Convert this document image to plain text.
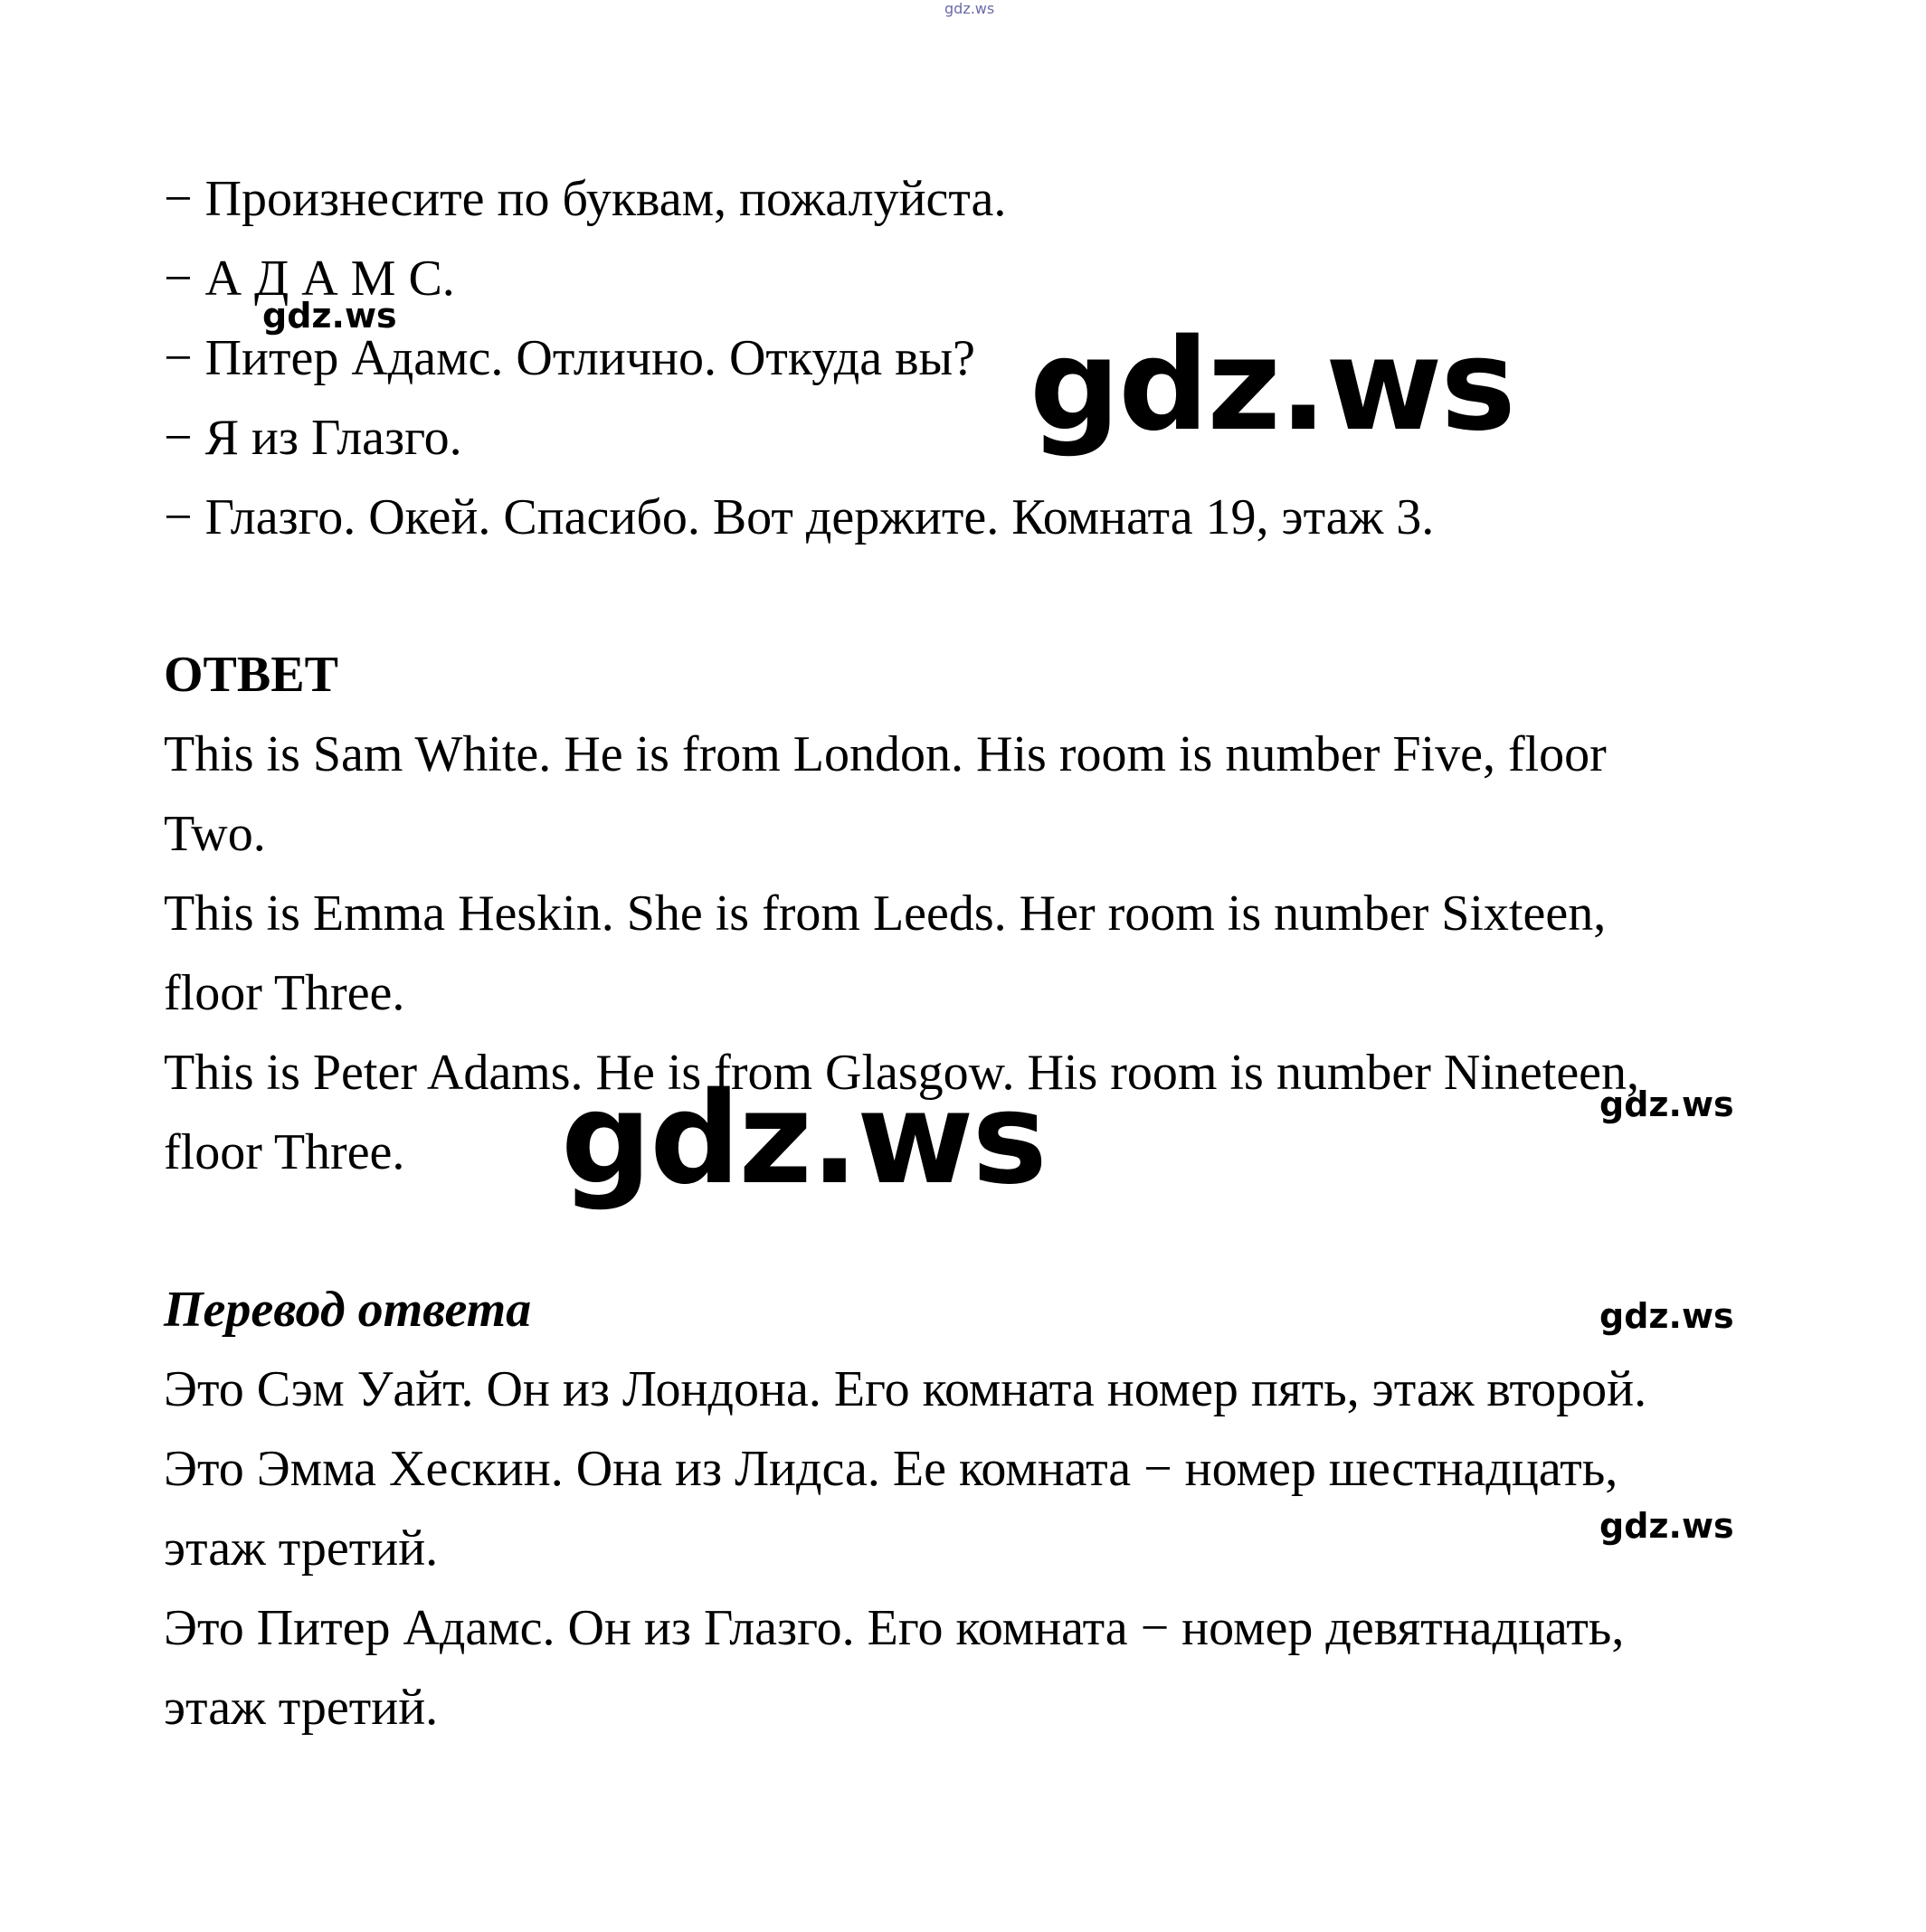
− Произнесите по буквам, пожалуйста.
− А Д А М С.
− Питер Адамс. Отлично. Откуда вы?
− Я из Глазго.
− Глазго. Окей. Спасибо. Вот держите. Комната 19, этаж 3.
ОТВЕТ
This is Sam White. He is from London. His room is number Five, floor
Two.
This is Emma Heskin. She is from Leeds. Her room is number Sixteen,
floor Three.
This is Peter Adams. He is from Glasgow. His room is number Nineteen,
floor Three.
Перевод ответа
Это Сэм Уайт. Он из Лондона. Его комната номер пять, этаж второй.
Это Эмма Хескин. Она из Лидса. Ее комната − номер шестнадцать,
этаж третий.
Это Питер Адамс. Он из Глазго. Его комната − номер девятнадцать,
этаж третий.
gdz.ws
gdz.ws	gdz.ws
gdz.ws	gdz.ws
gdz.ws
gdz.ws
